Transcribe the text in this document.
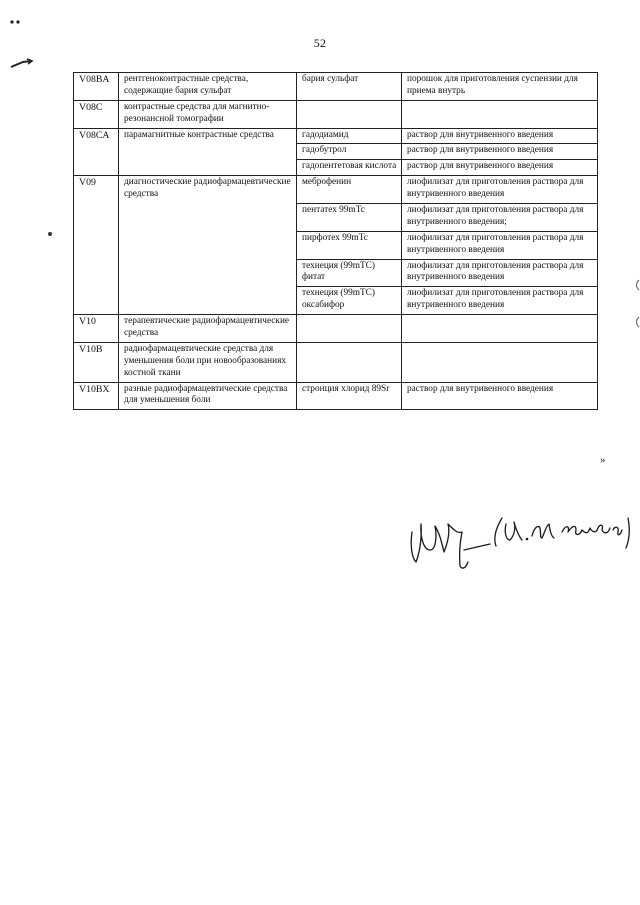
52
V08BA	рентгеноконтрастные средства, содержащие бария сульфат	бария сульфат	порошок для приготовления суспензии для приема внутрь
V08C	контрастные средства для магнитно-резонансной томографии		
V08CA	парамагнитные контрастные средства	гадодиамид	раствор для внутривенного введения
		гадобутрол	раствор для внутривенного введения
		гадопентетовая кислота	раствор для внутривенного введения
V09	диагностические радиофармацевтические средства	меброфенин	лиофилизат для приготовления раствора для внутривенного введения
		пентатех 99mTc	лиофилизат для приготовления раствора для внутривенного введения;
		пирфотех 99mTc	лиофилизат для приготовления раствора для внутривенного введения
		технеция (99mTC) фитат	лиофилизат для приготовления раствора для внутривенного введения
		технеция (99mTC) оксабифор	лиофилизат для приготовления раствора для внутривенного введения
V10	терапевтические радиофармацевтические средства		
V10B	радиофармацевтические средства для уменьшения боли при новообразованиях костной ткани		
V10BX	разные радиофармацевтические средства для уменьшения боли	стронция хлорид 89Sr	раствор для внутривенного введения
»
